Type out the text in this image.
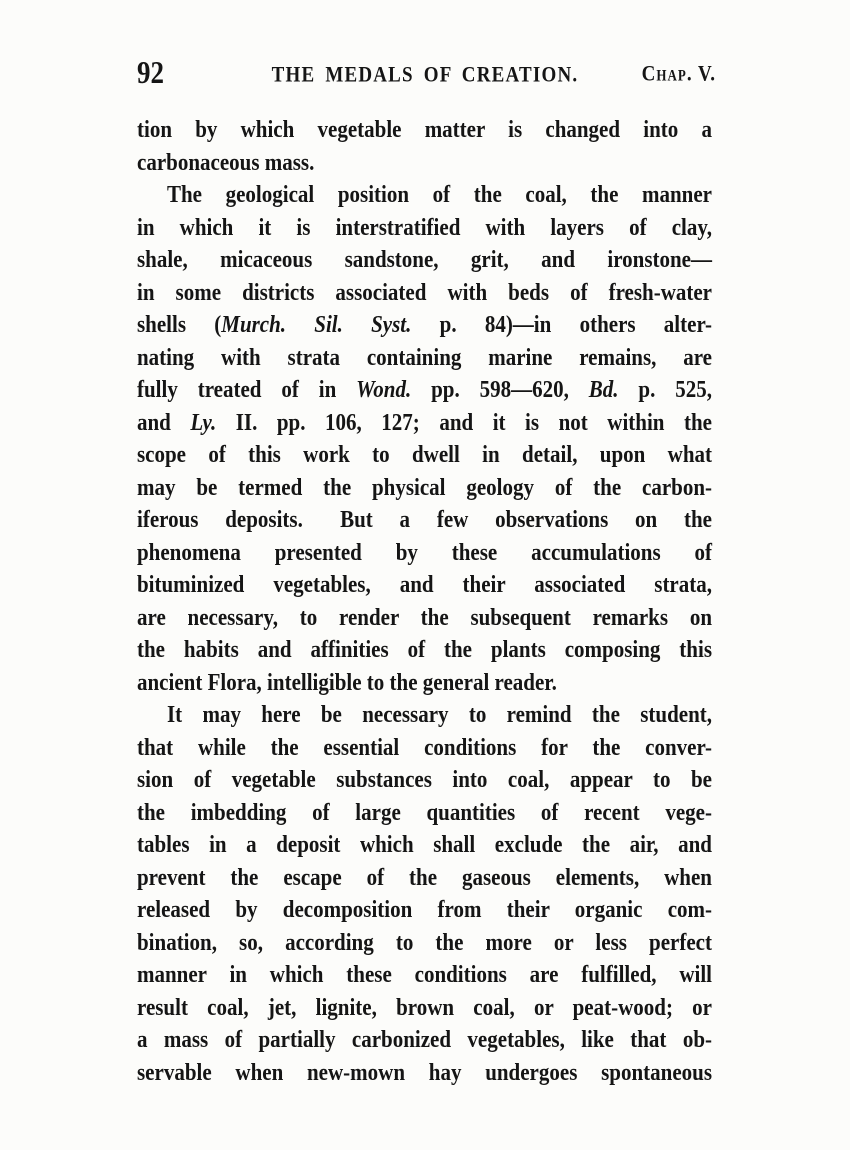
92	THE MEDALS OF CREATION.	Chap. V.
tion by which vegetable matter is changed into a
carbonaceous mass.
The geological position of the coal, the manner
in which it is interstratified with layers of clay,
shale, micaceous sandstone, grit, and ironstone—
in some districts associated with beds of fresh-water
shells (Murch. Sil. Syst. p. 84)—in others alter-
nating with strata containing marine remains, are
fully treated of in Wond. pp. 598—620, Bd. p. 525,
and Ly. II. pp. 106, 127; and it is not within the
scope of this work to dwell in detail, upon what
may be termed the physical geology of the carbon-
iferous deposits.  But a few observations on the
phenomena presented by these accumulations of
bituminized vegetables, and their associated strata,
are necessary, to render the subsequent remarks on
the habits and affinities of the plants composing this
ancient Flora, intelligible to the general reader.
It may here be necessary to remind the student,
that while the essential conditions for the conver-
sion of vegetable substances into coal, appear to be
the imbedding of large quantities of recent vege-
tables in a deposit which shall exclude the air, and
prevent the escape of the gaseous elements, when
released by decomposition from their organic com-
bination, so, according to the more or less perfect
manner in which these conditions are fulfilled, will
result coal, jet, lignite, brown coal, or peat-wood; or
a mass of partially carbonized vegetables, like that ob-
servable when new-mown hay undergoes spontaneous
